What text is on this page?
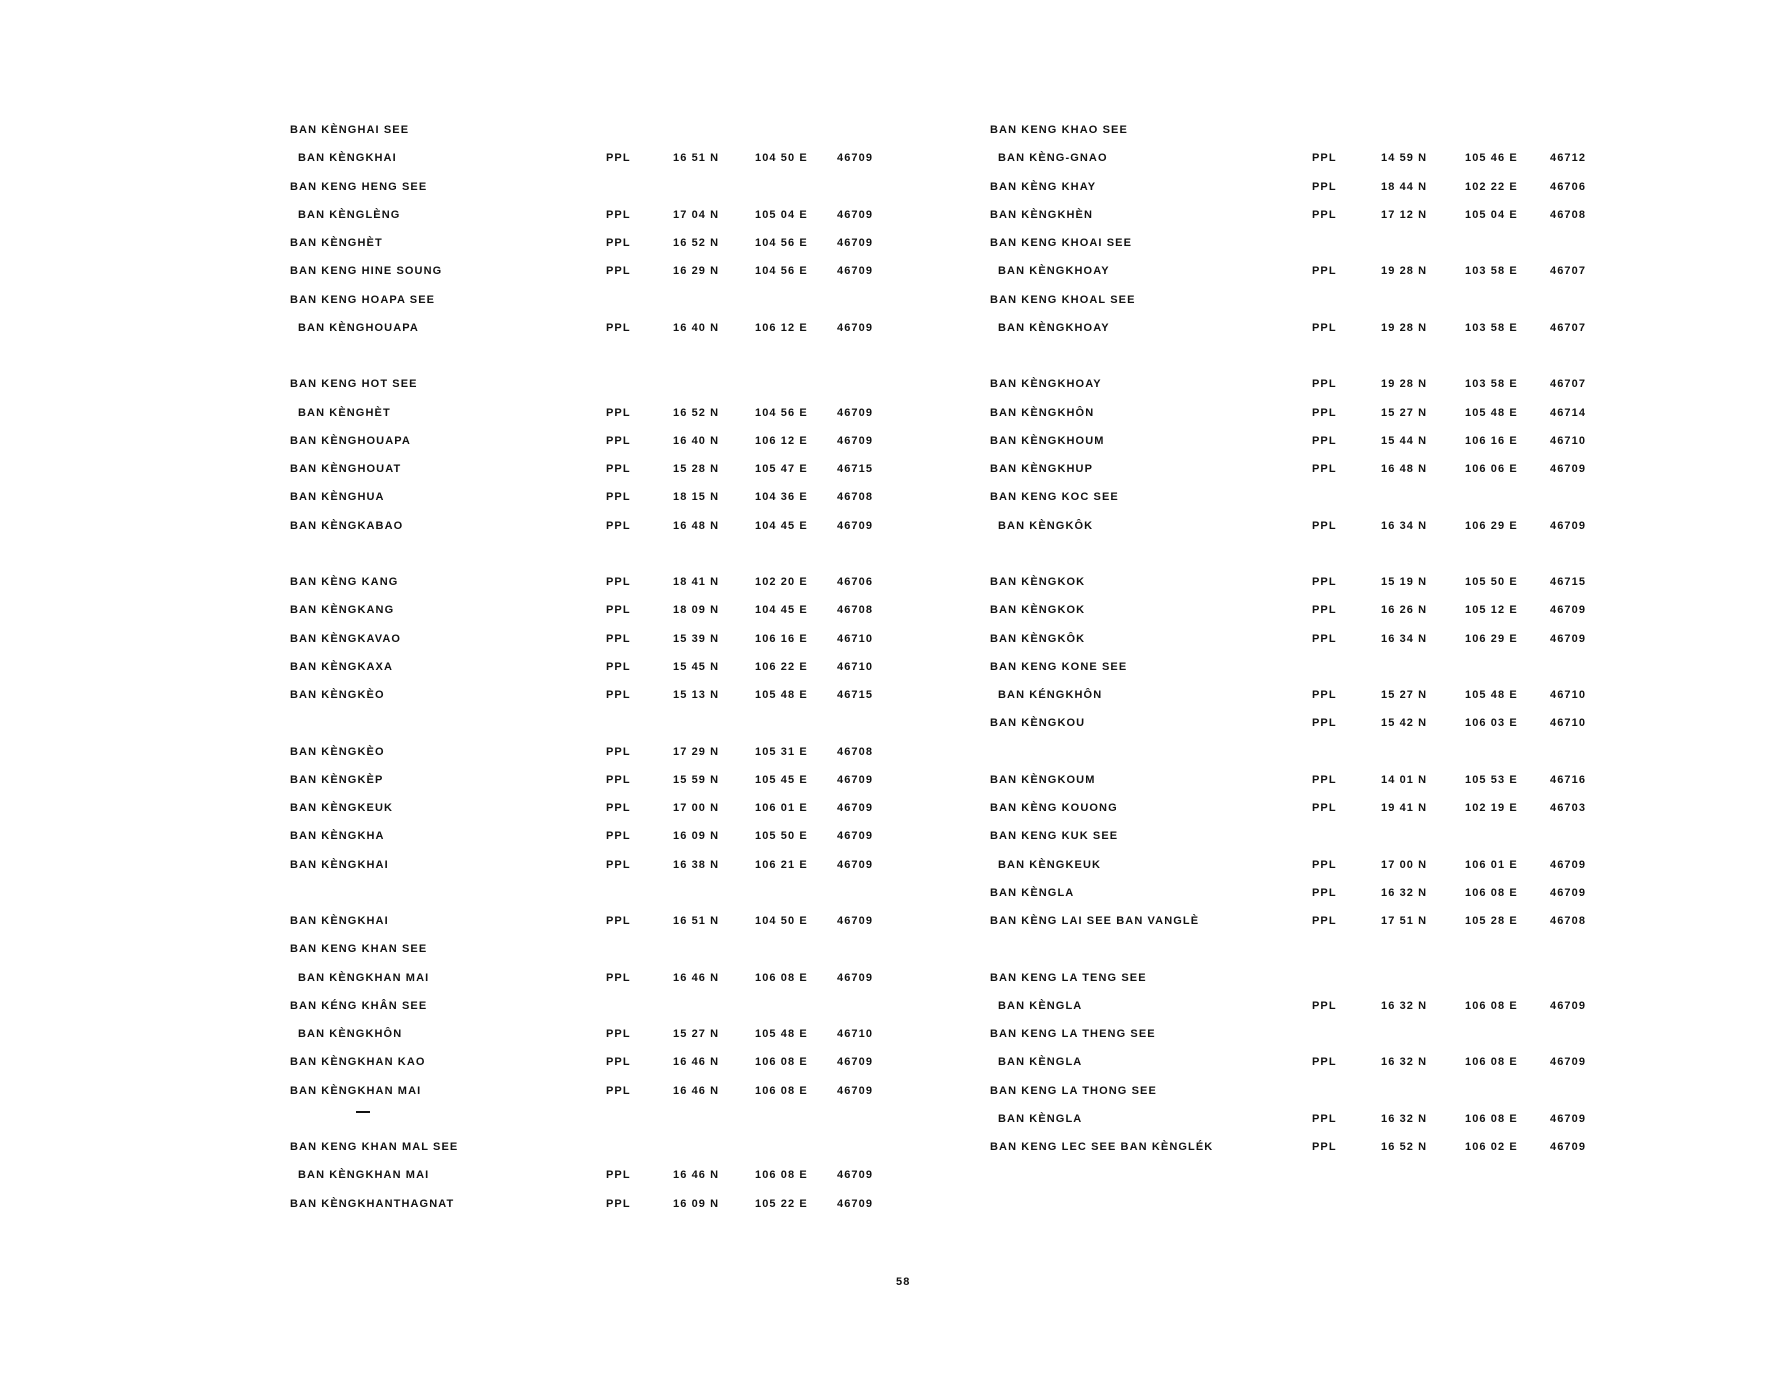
BAN KÈNGHAI SEE
BAN KÈNGKHAI	PPL	16 51 N	104 50 E	46709
BAN KENG HENG SEE
BAN KÈNGLÈNG	PPL	17 04 N	105 04 E	46709
BAN KÈNGHÈT	PPL	16 52 N	104 56 E	46709
BAN KENG HINE SOUNG	PPL	16 29 N	104 56 E	46709
BAN KENG HOAPA SEE
BAN KÈNGHOUAPA	PPL	16 40 N	106 12 E	46709
BAN KENG HOT SEE
BAN KÈNGHÈT	PPL	16 52 N	104 56 E	46709
BAN KÈNGHOUAPA	PPL	16 40 N	106 12 E	46709
BAN KÈNGHOUAT	PPL	15 28 N	105 47 E	46715
BAN KÈNGHUA	PPL	18 15 N	104 36 E	46708
BAN KÈNGKABAO	PPL	16 48 N	104 45 E	46709
BAN KÈNG KANG	PPL	18 41 N	102 20 E	46706
BAN KÈNGKANG	PPL	18 09 N	104 45 E	46708
BAN KÈNGKAVAO	PPL	15 39 N	106 16 E	46710
BAN KÈNGKAXA	PPL	15 45 N	106 22 E	46710
BAN KÈNGKÈO	PPL	15 13 N	105 48 E	46715
BAN KÈNGKÈO	PPL	17 29 N	105 31 E	46708
BAN KÈNGKÈP	PPL	15 59 N	105 45 E	46709
BAN KÈNGKEUK	PPL	17 00 N	106 01 E	46709
BAN KÈNGKHA	PPL	16 09 N	105 50 E	46709
BAN KÈNGKHAI	PPL	16 38 N	106 21 E	46709
BAN KÈNGKHAI	PPL	16 51 N	104 50 E	46709
BAN KENG KHAN SEE
BAN KÈNGKHAN MAI	PPL	16 46 N	106 08 E	46709
BAN KÉNG KHÂN SEE
BAN KÈNGKHÔN	PPL	15 27 N	105 48 E	46710
BAN KÈNGKHAN KAO	PPL	16 46 N	106 08 E	46709
BAN KÈNGKHAN MAI	PPL	16 46 N	106 08 E	46709
BAN KENG KHAN MAL SEE
BAN KÈNGKHAN MAI	PPL	16 46 N	106 08 E	46709
BAN KÈNGKHANTHAGNAT	PPL	16 09 N	105 22 E	46709
BAN KENG KHAO SEE
BAN KÈNG-GNAO	PPL	14 59 N	105 46 E	46712
BAN KÈNG KHAY	PPL	18 44 N	102 22 E	46706
BAN KÈNGKHÈN	PPL	17 12 N	105 04 E	46708
BAN KENG KHOAI SEE
BAN KÈNGKHOAY	PPL	19 28 N	103 58 E	46707
BAN KENG KHOAL SEE
BAN KÈNGKHOAY	PPL	19 28 N	103 58 E	46707
BAN KÈNGKHOAY	PPL	19 28 N	103 58 E	46707
BAN KÈNGKHÔN	PPL	15 27 N	105 48 E	46714
BAN KÈNGKHOUM	PPL	15 44 N	106 16 E	46710
BAN KÈNGKHUP	PPL	16 48 N	106 06 E	46709
BAN KENG KOC SEE
BAN KÈNGKÔK	PPL	16 34 N	106 29 E	46709
BAN KÈNGKOK	PPL	15 19 N	105 50 E	46715
BAN KÈNGKOK	PPL	16 26 N	105 12 E	46709
BAN KÈNGKÔK	PPL	16 34 N	106 29 E	46709
BAN KENG KONE SEE
BAN KÉNGKHÔN	PPL	15 27 N	105 48 E	46710
BAN KÈNGKOU	PPL	15 42 N	106 03 E	46710
BAN KÈNGKOUM	PPL	14 01 N	105 53 E	46716
BAN KÈNG KOUONG	PPL	19 41 N	102 19 E	46703
BAN KENG KUK SEE
BAN KÈNGKEUK	PPL	17 00 N	106 01 E	46709
BAN KÈNGLA	PPL	16 32 N	106 08 E	46709
BAN KÈNG LAI SEE BAN VANGLÈ	PPL	17 51 N	105 28 E	46708
BAN KENG LA TENG SEE
BAN KÈNGLA	PPL	16 32 N	106 08 E	46709
BAN KENG LA THENG SEE
BAN KÈNGLA	PPL	16 32 N	106 08 E	46709
BAN KENG LA THONG SEE
BAN KÈNGLA	PPL	16 32 N	106 08 E	46709
BAN KENG LEC SEE BAN KÈNGLÉK	PPL	16 52 N	106 02 E	46709
58
